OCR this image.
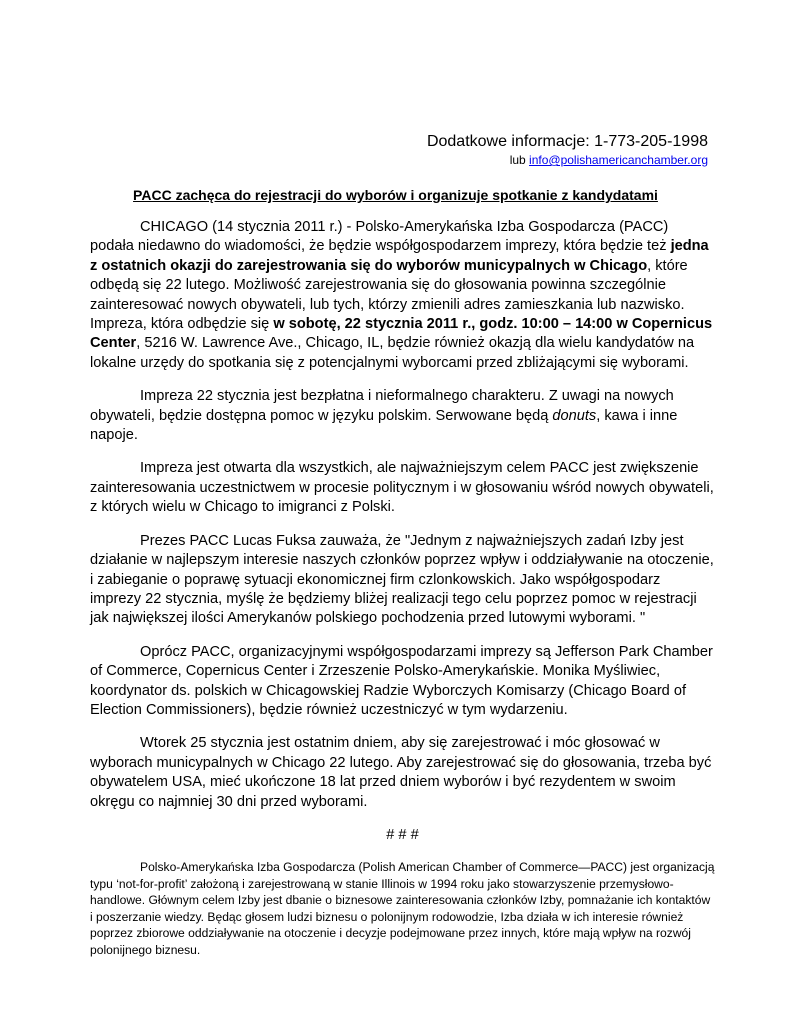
Dodatkowe informacje: 1-773-205-1998
lub info@polishamericanchamber.org
PACC zachęca do rejestracji do wyborów i organizuje spotkanie z kandydatami

CHICAGO (14 stycznia 2011 r.) - Polsko-Amerykańska Izba Gospodarcza (PACC) podała niedawno do wiadomości, że będzie współgospodarzem imprezy, która będzie też jedna z ostatnich okazji do zarejestrowania się do wyborów municypalnych w Chicago, które odbędą się 22 lutego. Możliwość zarejestrowania się do głosowania powinna szczególnie zainteresować nowych obywateli, lub tych, którzy zmienili adres zamieszkania lub nazwisko. Impreza, która odbędzie się w sobotę, 22 stycznia 2011 r., godz. 10:00 – 14:00 w Copernicus Center, 5216 W. Lawrence Ave., Chicago, IL, będzie również okazją dla wielu kandydatów na lokalne urzędy do spotkania się z potencjalnymi wyborcami przed zbliżającymi się wyborami.

Impreza 22 stycznia jest bezpłatna i nieformalnego charakteru. Z uwagi na nowych obywateli, będzie dostępna pomoc w języku polskim. Serwowane będą donuts, kawa i inne napoje.

Impreza jest otwarta dla wszystkich, ale najważniejszym celem PACC jest zwiększenie zainteresowania uczestnictwem w procesie politycznym i w głosowaniu wśród nowych obywateli, z których wielu w Chicago to imigranci z Polski.

Prezes PACC Lucas Fuksa zauważa, że "Jednym z najważniejszych zadań Izby jest działanie w najlepszym interesie naszych członków poprzez wpływ i oddziaływanie na otoczenie, i zabieganie o poprawę sytuacji ekonomicznej firm czlonkowskich. Jako współgospodarz imprezy 22 stycznia, myślę że będziemy bliżej realizacji tego celu poprzez pomoc w rejestracji jak największej ilości Amerykanów polskiego pochodzenia przed lutowymi wyborami. "

Oprócz PACC, organizacyjnymi współgospodarzami imprezy są Jefferson Park Chamber of Commerce, Copernicus Center i Zrzeszenie Polsko-Amerykańskie. Monika Myśliwiec, koordynator ds. polskich w Chicagowskiej Radzie Wyborczych Komisarzy (Chicago Board of Election Commissioners), będzie również uczestniczyć w tym wydarzeniu.

Wtorek 25 stycznia jest ostatnim dniem, aby się zarejestrować i móc głosować w wyborach municypalnych w Chicago 22 lutego. Aby zarejestrować się do głosowania, trzeba być obywatelem USA, mieć ukończone 18 lat przed dniem wyborów i być rezydentem w swoim okręgu co najmniej 30 dni przed wyborami.

# # #

Polsko-Amerykańska Izba Gospodarcza (Polish American Chamber of Commerce—PACC) jest organizacją typu ‘not-for-profit’ założoną i zarejestrowaną w stanie Illinois w 1994 roku jako stowarzyszenie przemysłowo-handlowe. Głównym celem Izby jest dbanie o biznesowe zainteresowania członków Izby, pomnażanie ich kontaktów i poszerzanie wiedzy. Będąc głosem ludzi biznesu o polonijnym rodowodzie, Izba działa w ich interesie również poprzez zbiorowe oddziaływanie na otoczenie i decyzje podejmowane przez innych, które mają wpływ na rozwój polonijnego biznesu.
